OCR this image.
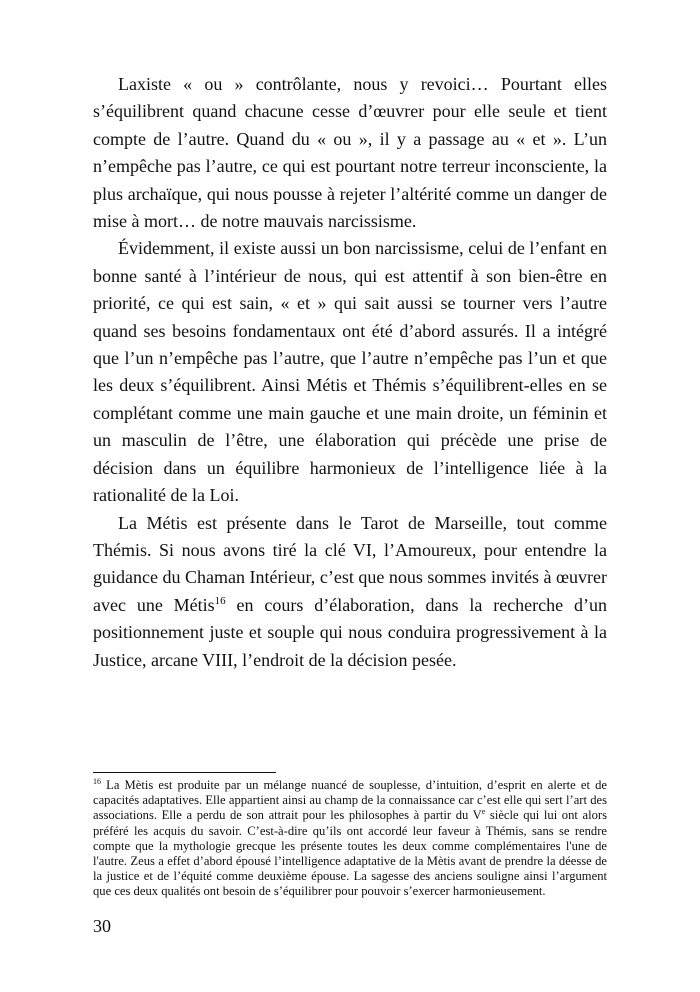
Laxiste « ou » contrôlante, nous y revoici… Pourtant elles s’équilibrent quand chacune cesse d’œuvrer pour elle seule et tient compte de l’autre. Quand du « ou », il y a passage au « et ». L’un n’empêche pas l’autre, ce qui est pourtant notre terreur inconsciente, la plus archaïque, qui nous pousse à rejeter l’altérité comme un danger de mise à mort… de notre mauvais narcissisme.

Évidemment, il existe aussi un bon narcissisme, celui de l’enfant en bonne santé à l’intérieur de nous, qui est attentif à son bien-être en priorité, ce qui est sain, « et » qui sait aussi se tourner vers l’autre quand ses besoins fondamentaux ont été d’abord assurés. Il a intégré que l’un n’empêche pas l’autre, que l’autre n’empêche pas l’un et que les deux s’équilibrent. Ainsi Métis et Thémis s’équilibrent-elles en se complétant comme une main gauche et une main droite, un féminin et un masculin de l’être, une élaboration qui précède une prise de décision dans un équilibre harmonieux de l’intelligence liée à la rationalité de la Loi.

La Métis est présente dans le Tarot de Marseille, tout comme Thémis. Si nous avons tiré la clé VI, l’Amoureux, pour entendre la guidance du Chaman Intérieur, c’est que nous sommes invités à œuvrer avec une Métis$^{16}$ en cours d’élaboration, dans la recherche d’un positionnement juste et souple qui nous conduira progressivement à la Justice, arcane VIII, l’endroit de la décision pesée.

$^{16}$ La Mètis est produite par un mélange nuancé de souplesse, d’intuition, d’esprit en alerte et de capacités adaptatives. Elle appartient ainsi au champ de la connaissance car c’est elle qui sert l’art des associations. Elle a perdu de son attrait pour les philosophes à partir du Ve siècle qui lui ont alors préféré les acquis du savoir. C’est-à-dire qu’ils ont accordé leur faveur à Thémis, sans se rendre compte que la mythologie grecque les présente toutes les deux comme complémentaires l'une de l'autre. Zeus a effet d’abord épousé l’intelligence adaptative de la Mètis avant de prendre la déesse de la justice et de l’équité comme deuxième épouse. La sagesse des anciens souligne ainsi l’argument que ces deux qualités ont besoin de s’équilibrer pour pouvoir s’exercer harmonieusement.

30
